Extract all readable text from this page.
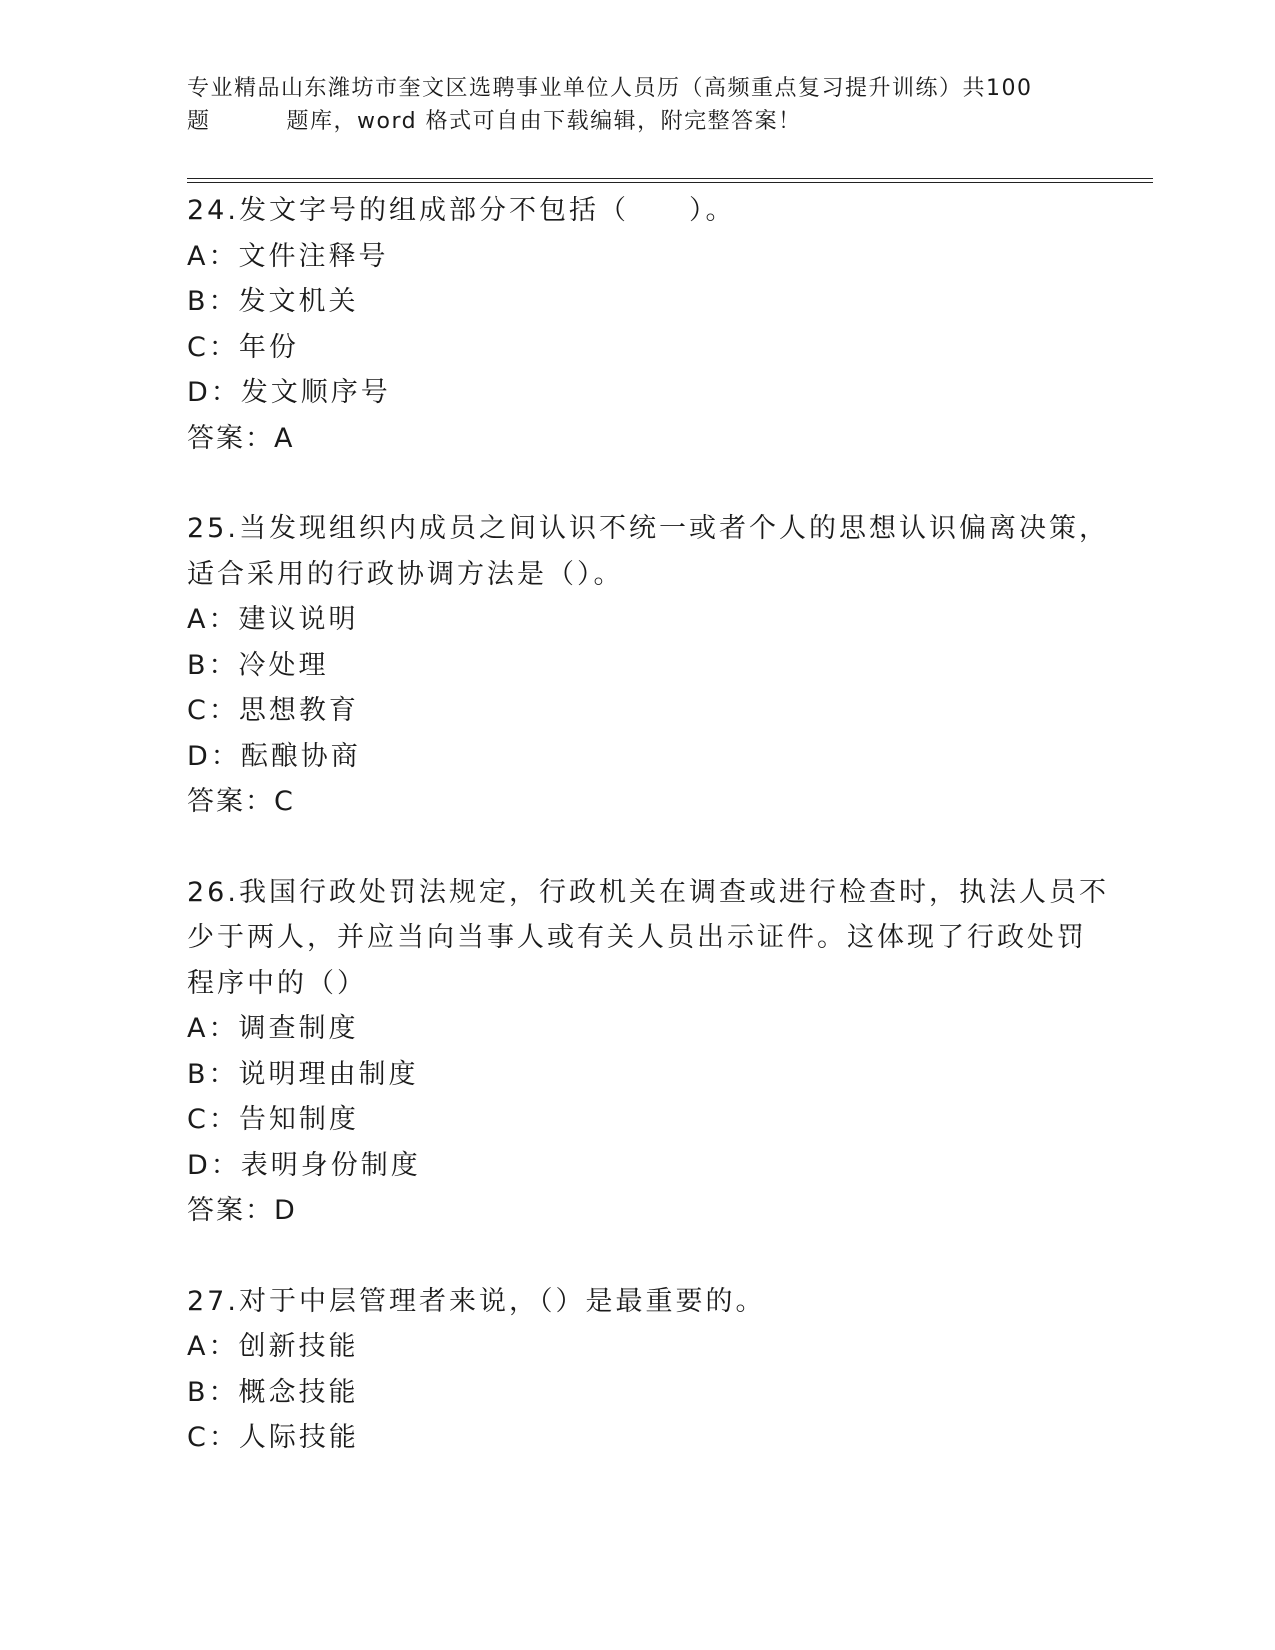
专业精品山东潍坊市奎文区选聘事业单位人员历（高频重点复习提升训练）共100
题	题库，word 格式可自由下载编辑，附完整答案！
24.发文字号的组成部分不包括（　　）。
A：文件注释号
B：发文机关
C：年份
D：发文顺序号
答案：A
25.当发现组织内成员之间认识不统一或者个人的思想认识偏离决策，
适合采用的行政协调方法是（）。
A：建议说明
B：冷处理
C：思想教育
D：酝酿协商
答案：C
26.我国行政处罚法规定，行政机关在调查或进行检查时，执法人员不
少于两人，并应当向当事人或有关人员出示证件。这体现了行政处罚
程序中的（）
A：调查制度
B：说明理由制度
C：告知制度
D：表明身份制度
答案：D
27.对于中层管理者来说，（）是最重要的。
A：创新技能
B：概念技能
C：人际技能
